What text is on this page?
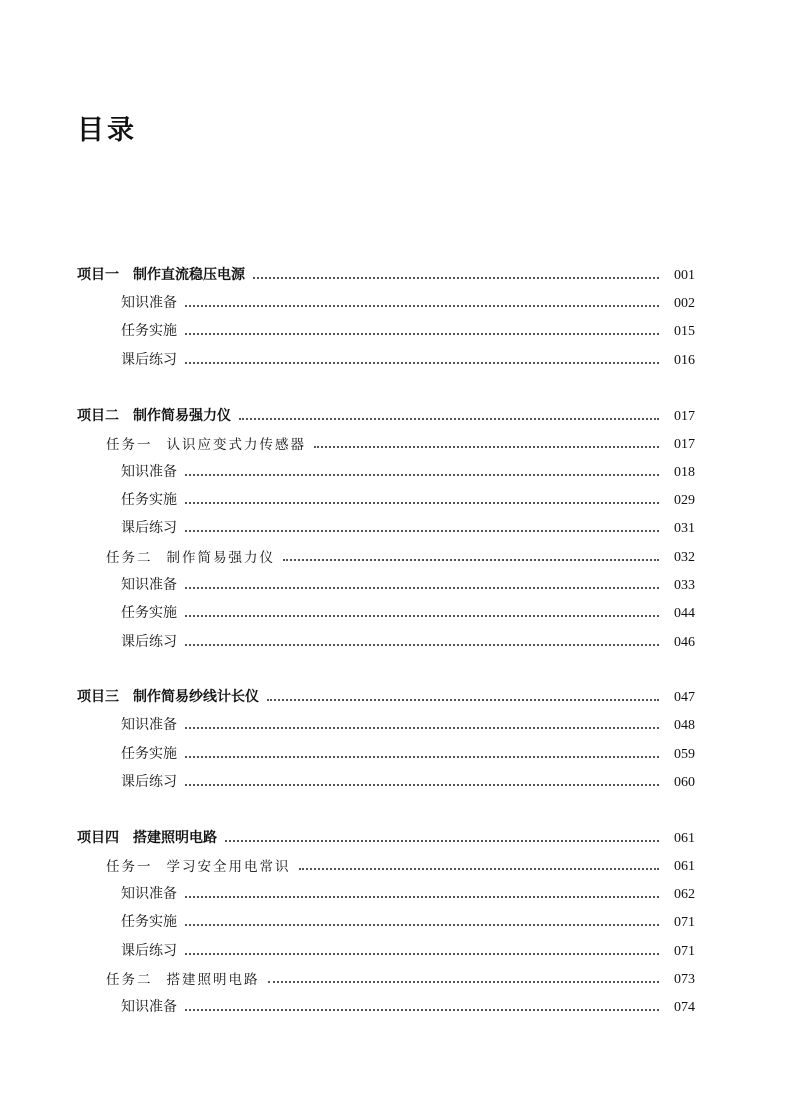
目录
项目一 制作直流稳压电源	001
知识准备	002
任务实施	015
课后练习	016
项目二 制作简易强力仪	017
任务一 认识应变式力传感器	017
知识准备	018
任务实施	029
课后练习	031
任务二 制作简易强力仪	032
知识准备	033
任务实施	044
课后练习	046
项目三 制作简易纱线计长仪	047
知识准备	048
任务实施	059
课后练习	060
项目四 搭建照明电路	061
任务一 学习安全用电常识	061
知识准备	062
任务实施	071
课后练习	071
任务二 搭建照明电路	073
知识准备	074
